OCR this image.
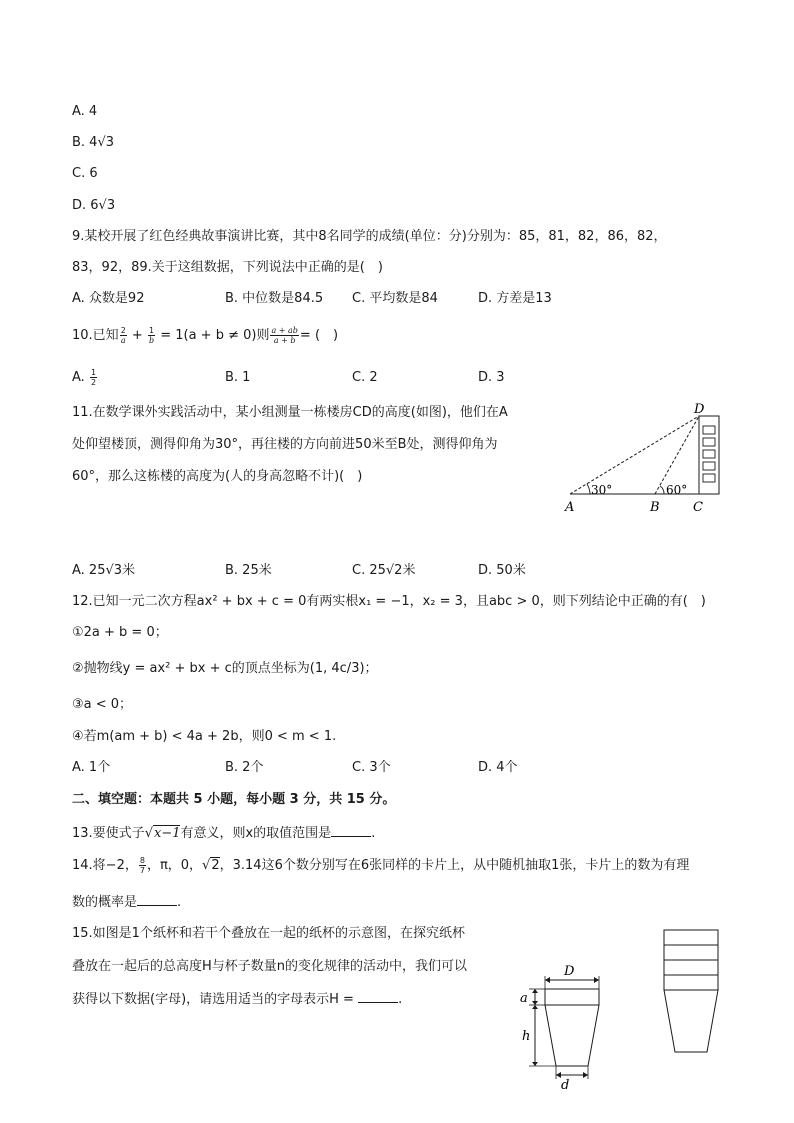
A. 4
B. 4√3
C. 6
D. 6√3
9.某校开展了红色经典故事演讲比赛，其中8名同学的成绩(单位：分)分别为：85，81，82，86，82，
83，92，89.关于这组数据，下列说法中正确的是(　)
A. 众数是92	B. 中位数是84.5 C. 平均数是84	D. 方差是13
10.已知 $\frac{2}{a} + \frac{1}{b} = 1(a + b \ne 0)$则 $\frac{a + ab}{a + b}$ = (　)
A. $\frac{1}{2}$	B. 1	C. 2	D. 3
11.在数学课外实践活动中，某小组测量一栋楼房CD的高度(如图)，他们在A
处仰望楼顶，测得仰角为30°，再往楼的方向前进50米至B处，测得仰角为
60°，那么这栋楼的高度为(人的身高忽略不计)(　)
30°	60°
A	B	C
D
A. 25√3米	B. 25米	C. 25√2米	D. 50米
12.已知一元二次方程ax² + bx + c = 0有两实根x₁ = −1，x₂ = 3，且abc > 0，则下列结论中正确的有(　)
①2a + b = 0；
②抛物线y = ax² + bx + c的顶点坐标为(1, 4c/3)；
③a < 0；
④若m(am + b) < 4a + 2b，则0 < m < 1.
A. 1个	B. 2个	C. 3个	D. 4个
二、填空题：本题共 5 小题，每小题 3 分，共 15 分。
13.要使式子√x−1有意义，则x的取值范围是	.
14.将−2， $\frac{8}{7}$ ，π，0，√2，3.14这6个数分别写在6张同样的卡片上，从中随机抽取1张，卡片上的数为有理
数的概率是	.
15.如图是1个纸杯和若干个叠放在一起的纸杯的示意图，在探究纸杯
叠放在一起后的总高度H与杯子数量n的变化规律的活动中，我们可以
获得以下数据(字母)，请选用适当的字母表示H =	.
D
a
h
d
